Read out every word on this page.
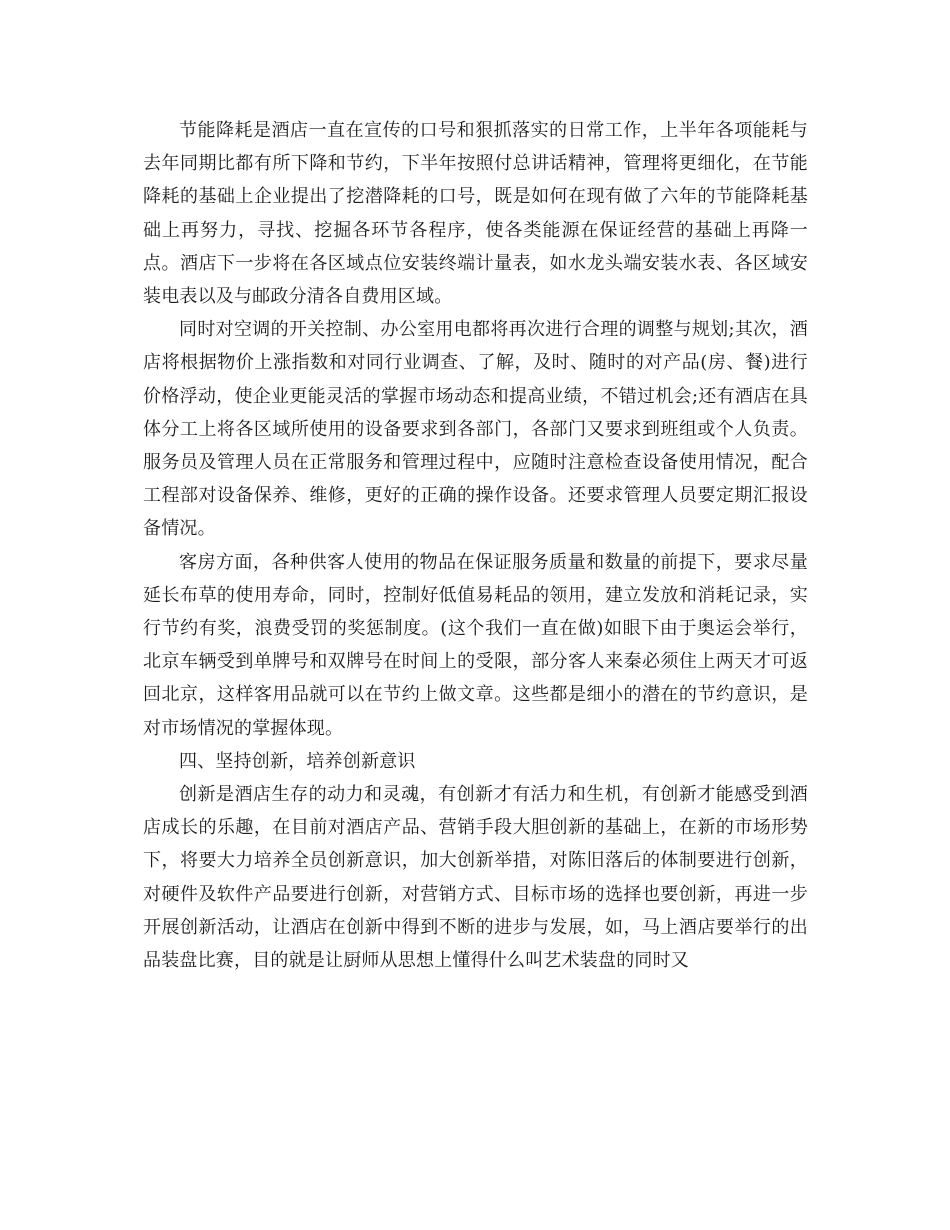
节能降耗是酒店一直在宣传的口号和狠抓落实的日常工作，上半年各项能耗与去年同期比都有所下降和节约，下半年按照付总讲话精神，管理将更细化，在节能降耗的基础上企业提出了挖潜降耗的口号，既是如何在现有做了六年的节能降耗基础上再努力，寻找、挖掘各环节各程序，使各类能源在保证经营的基础上再降一点。酒店下一步将在各区域点位安装终端计量表，如水龙头端安装水表、各区域安装电表以及与邮政分清各自费用区域。

同时对空调的开关控制、办公室用电都将再次进行合理的调整与规划;其次，酒店将根据物价上涨指数和对同行业调查、了解，及时、随时的对产品(房、餐)进行价格浮动，使企业更能灵活的掌握市场动态和提高业绩，不错过机会;还有酒店在具体分工上将各区域所使用的设备要求到各部门，各部门又要求到班组或个人负责。服务员及管理人员在正常服务和管理过程中，应随时注意检查设备使用情况，配合工程部对设备保养、维修，更好的正确的操作设备。还要求管理人员要定期汇报设备情况。

客房方面，各种供客人使用的物品在保证服务质量和数量的前提下，要求尽量延长布草的使用寿命，同时，控制好低值易耗品的领用，建立发放和消耗记录，实行节约有奖，浪费受罚的奖惩制度。(这个我们一直在做)如眼下由于奥运会举行，北京车辆受到单牌号和双牌号在时间上的受限，部分客人来秦必须住上两天才可返回北京，这样客用品就可以在节约上做文章。这些都是细小的潜在的节约意识，是对市场情况的掌握体现。

四、坚持创新，培养创新意识

创新是酒店生存的动力和灵魂，有创新才有活力和生机，有创新才能感受到酒店成长的乐趣，在目前对酒店产品、营销手段大胆创新的基础上，在新的市场形势下，将要大力培养全员创新意识，加大创新举措，对陈旧落后的体制要进行创新，对硬件及软件产品要进行创新，对营销方式、目标市场的选择也要创新，再进一步开展创新活动，让酒店在创新中得到不断的进步与发展，如，马上酒店要举行的出品装盘比赛，目的就是让厨师从思想上懂得什么叫艺术装盘的同时又
